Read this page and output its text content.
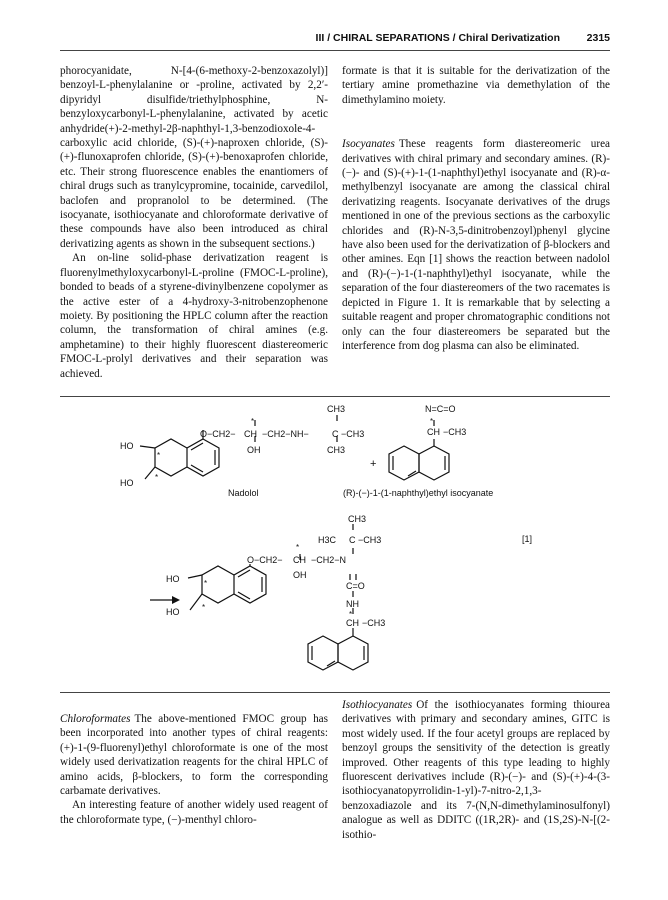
III / CHIRAL SEPARATIONS / Chiral Derivatization	2315

phorocyanidate, N-[4-(6-methoxy-2-benzoxazolyl)] benzoyl-L-phenylalanine or -proline, activated by 2,2′-dipyridyl disulfide/triethylphosphine, N-benzyloxycarbonyl-L-phenylalanine, activated by acetic anhydride(+)-2-methyl-2β-naphthyl-1,3-benzodioxole-4-carboxylic acid chloride, (S)-(+)-naproxen chloride, (S)-(+)-flunoxaprofen chloride, (S)-(+)-benoxaprofen chloride, etc. Their strong fluorescence enables the enantiomers of chiral drugs such as tranylcypromine, tocainide, carvedilol, baclofen and propranolol to be determined. (The isocyanate, isothiocyanate and chloroformate derivative of these compounds have also been introduced as chiral derivatizing agents as shown in the subsequent sections.)

An on-line solid-phase derivatization reagent is fluorenylmethyloxycarbonyl-L-proline (FMOC-L-proline), bonded to beads of a styrene-divinylbenzene copolymer as the active ester of a 4-hydroxy-3-nitrobenzophenone moiety. By positioning the HPLC column after the reaction column, the transformation of chiral amines (e.g. amphetamine) to their highly fluorescent diastereomeric FMOC-L-prolyl derivatives and their separation was achieved.

formate is that it is suitable for the derivatization of the tertiary amine promethazine via demethylation of the dimethylamino moiety.

Isocyanates These reagents form diastereomeric urea derivatives with chiral primary and secondary amines. (R)-(−)- and (S)-(+)-1-(1-naphthyl)ethyl isocyanate and (R)-α-methylbenzyl isocyanate are among the classical chiral derivatizing reagents. Isocyanate derivatives of the drugs mentioned in one of the previous sections as the carboxylic chlorides and (R)-N-3,5-dinitrobenzoyl)phenyl glycine have also been used for the derivatization of β-blockers and other amines. Eqn [1] shows the reaction between nadolol and (R)-(−)-1-(1-naphthyl)ethyl isocyanate, while the separation of the four diastereomers of the two racemates is depicted in Figure 1. It is remarkable that by selecting a suitable reagent and proper chromatographic conditions not only can the four diastereomers be separated but the interference from dog plasma can also be eliminated.

CH3
O−CH2− CH
*
−CH2−NH−	C −CH3
OH	CH3
HO
*
HO
*
Nadolol
N=C=O
*
CH −CH3
+
(R)-(−)-1-(1-naphthyl)ethyl isocyanate
[1]
CH3
H3C C −CH3
O−CH2− CH
*
−CH2−N
OH
C=O
NH
*
CH −CH3
HO	*
HO	*

Chloroformates The above-mentioned FMOC group has been incorporated into another types of chiral reagents: (+)-1-(9-fluorenyl)ethyl chloroformate is one of the most widely used derivatization reagents for the chiral HPLC of amino acids, β-blockers, to form the corresponding carbamate derivatives.

An interesting feature of another widely used reagent of the chloroformate type, (−)-menthyl chloro-

Isothiocyanates Of the isothiocyanates forming thiourea derivatives with primary and secondary amines, GITC is most widely used. If the four acetyl groups are replaced by benzoyl groups the sensitivity of the detection is greatly improved. Other reagents of this type leading to highly fluorescent derivatives include (R)-(−)- and (S)-(+)-4-(3-isothiocyanatopyrrolidin-1-yl)-7-nitro-2,1,3-benzoxadiazole and its 7-(N,N-dimethylaminosulfonyl) analogue as well as DDITC ((1R,2R)- and (1S,2S)-N-[(2-isothio-
